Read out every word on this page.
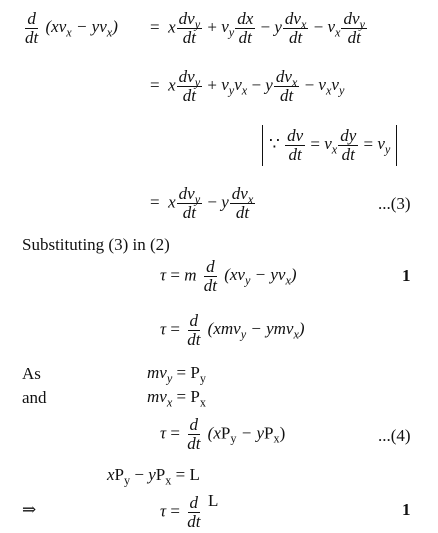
$\frac{d}{dt} (xv_x - yv_x) = x$ $dv_y$
dt
+ $v_y \frac{dx}{dt} - y$ $dv_x$
dt
− $v_x$
$dv_y$
dt
= x $dv_y$
dt
+ $v_yv_x - y$ $dv_x$
dt
− $v_xv_y$
∵ $\frac{dv}{dt} = v_x \frac{dy}{dt} = v_y$
= x $dv_y$
dt
− y $dv_x$
dt	...(3)
Substituting (3) in (2)
τ = m $\frac{d}{dt} (xv_y - yv_x)$	1
$\tau = \frac{d}{dt} (xmv_y - ymv_x)$
As	$mv_y = P_y$
and	$mv_x = P_x$
$\tau = \frac{d}{dt} (xP_y - yP_x)$	...(4)
$xP_y - yP_x = L$
⇒	$\tau = \frac{d}{dt}$ L	1
